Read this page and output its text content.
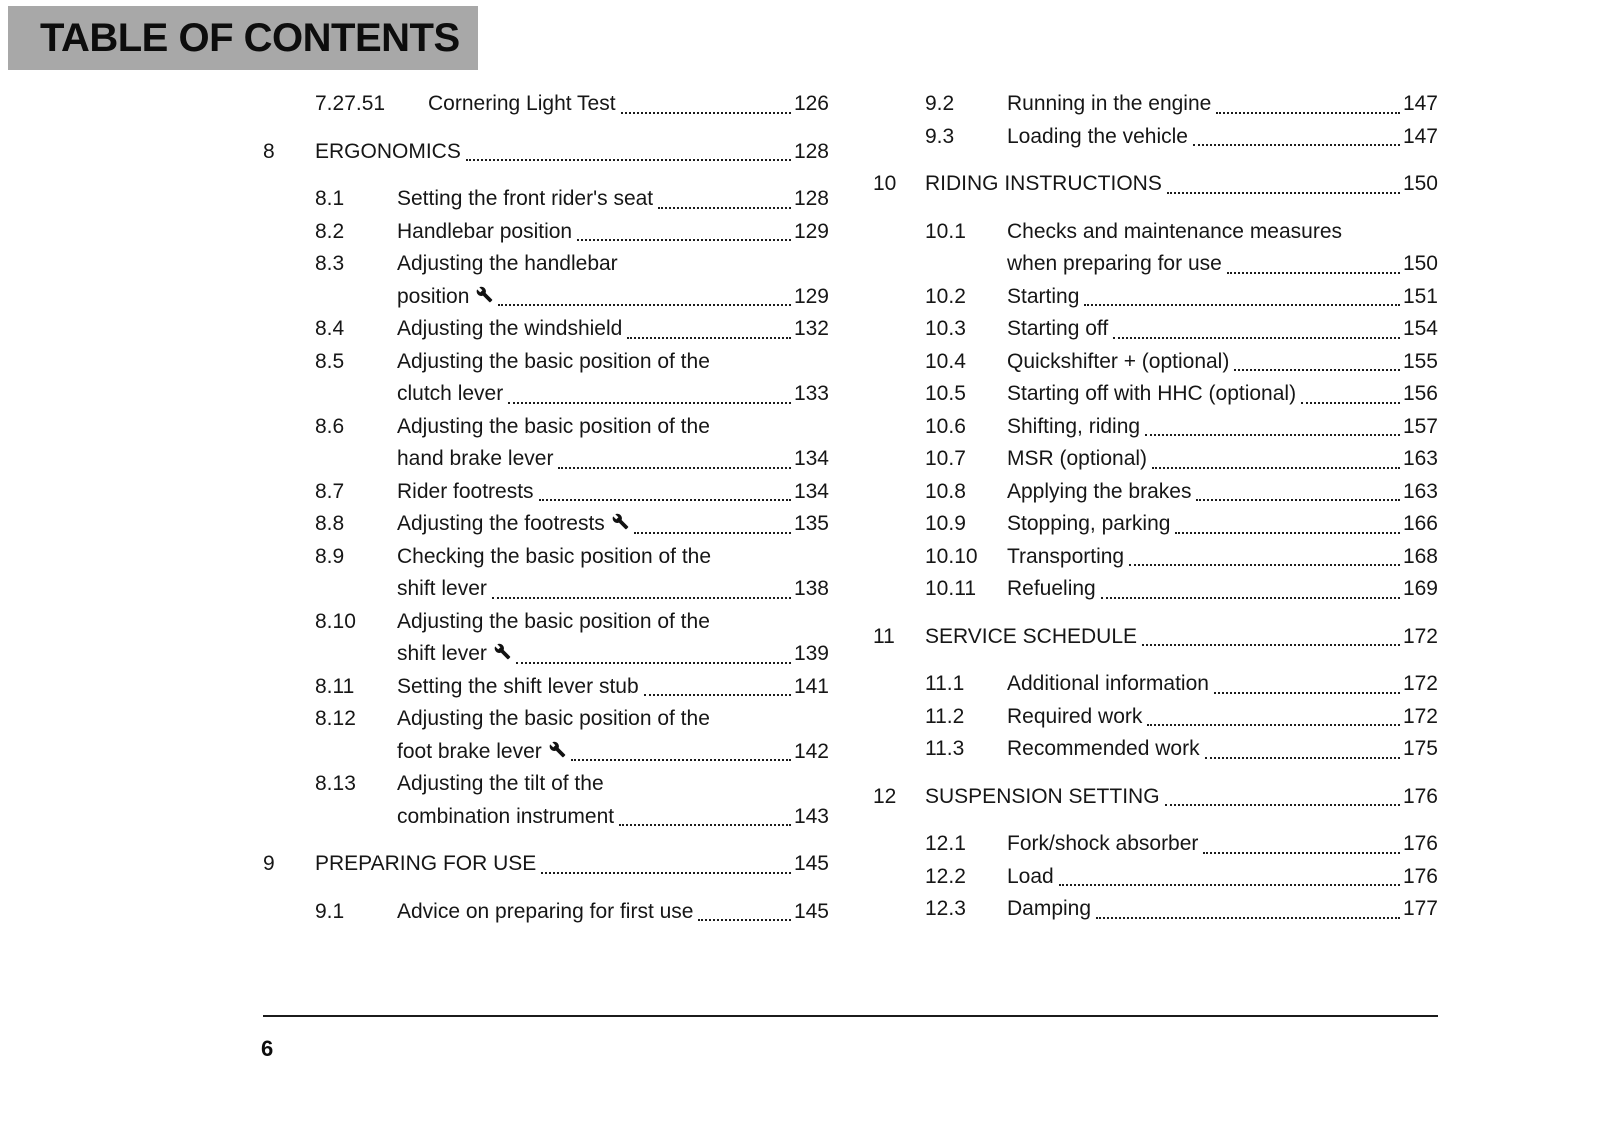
TABLE OF CONTENTS
7.27.51	Cornering Light Test	126
8	ERGONOMICS	128
8.1	Setting the front rider's seat	128
8.2	Handlebar position	129
8.3	Adjusting the handlebar
position	129
8.4	Adjusting the windshield	132
8.5	Adjusting the basic position of the
clutch lever	133
8.6	Adjusting the basic position of the
hand brake lever	134
8.7	Rider footrests	134
8.8	Adjusting the footrests	135
8.9	Checking the basic position of the
shift lever	138
8.10	Adjusting the basic position of the
shift lever	139
8.11	Setting the shift lever stub	141
8.12	Adjusting the basic position of the
foot brake lever	142
8.13	Adjusting the tilt of the
combination instrument	143
9	PREPARING FOR USE	145
9.1	Advice on preparing for first use	145
9.2	Running in the engine	147
9.3	Loading the vehicle	147
10	RIDING INSTRUCTIONS	150
10.1	Checks and maintenance measures
when preparing for use	150
10.2	Starting	151
10.3	Starting off	154
10.4	Quickshifter + (optional)	155
10.5	Starting off with HHC (optional)	156
10.6	Shifting, riding	157
10.7	MSR (optional)	163
10.8	Applying the brakes	163
10.9	Stopping, parking	166
10.10	Transporting	168
10.11	Refueling	169
11	SERVICE SCHEDULE	172
11.1	Additional information	172
11.2	Required work	172
11.3	Recommended work	175
12	SUSPENSION SETTING	176
12.1	Fork/shock absorber	176
12.2	Load	176
12.3	Damping	177
6
